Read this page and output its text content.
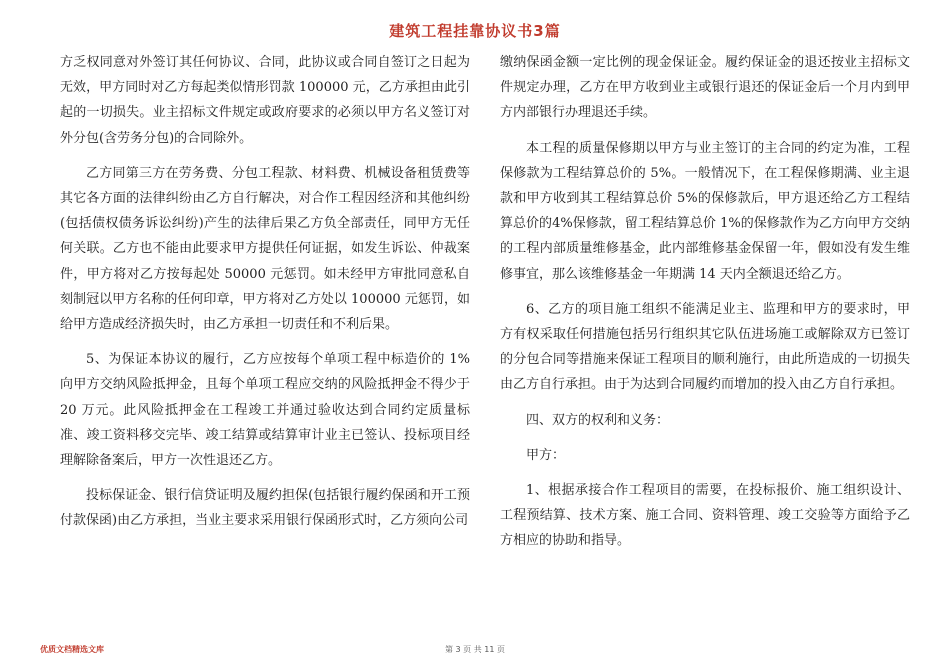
建筑工程挂靠协议书3篇

方乏权同意对外签订其任何协议、合同，此协议或合同自签订之日起为无效，甲方同时对乙方每起类似情形罚款 100000 元，乙方承担由此引起的一切损失。业主招标文件规定或政府要求的必须以甲方名义签订对外分包(含劳务分包)的合同除外。

乙方同第三方在劳务费、分包工程款、材料费、机械设备租赁费等其它各方面的法律纠纷由乙方自行解决，对合作工程因经济和其他纠纷(包括债权债务诉讼纠纷)产生的法律后果乙方负全部责任，同甲方无任何关联。乙方也不能由此要求甲方提供任何证据，如发生诉讼、仲裁案件，甲方将对乙方按每起处 50000 元惩罚。如未经甲方审批同意私自刻制冠以甲方名称的任何印章，甲方将对乙方处以 100000 元惩罚，如给甲方造成经济损失时，由乙方承担一切责任和不利后果。

5、为保证本协议的履行，乙方应按每个单项工程中标造价的 1%向甲方交纳风险抵押金，且每个单项工程应交纳的风险抵押金不得少于 20 万元。此风险抵押金在工程竣工并通过验收达到合同约定质量标准、竣工资料移交完毕、竣工结算或结算审计业主已签认、投标项目经理解除备案后，甲方一次性退还乙方。

投标保证金、银行信贷证明及履约担保(包括银行履约保函和开工预付款保函)由乙方承担，当业主要求采用银行保函形式时，乙方须向公司

缴纳保函金额一定比例的现金保证金。履约保证金的退还按业主招标文件规定办理，乙方在甲方收到业主或银行退还的保证金后一个月内到甲方内部银行办理退还手续。

本工程的质量保修期以甲方与业主签订的主合同的约定为准，工程保修款为工程结算总价的 5%。一般情况下，在工程保修期满、业主退款和甲方收到其工程结算总价 5%的保修款后，甲方退还给乙方工程结算总价的4%保修款，留工程结算总价 1%的保修款作为乙方向甲方交纳的工程内部质量维修基金，此内部维修基金保留一年，假如没有发生维修事宜，那么该维修基金一年期满 14 天内全额退还给乙方。

6、乙方的项目施工组织不能满足业主、监理和甲方的要求时，甲方有权采取任何措施包括另行组织其它队伍进场施工或解除双方已签订的分包合同等措施来保证工程项目的顺利施行，由此所造成的一切损失由乙方自行承担。由于为达到合同履约而增加的投入由乙方自行承担。

四、双方的权利和义务：

甲方：

1、根据承接合作工程项目的需要，在投标报价、施工组织设计、工程预结算、技术方案、施工合同、资料管理、竣工交验等方面给予乙方相应的协助和指导。

优质文档精选文库	第 3 页 共 11 页
